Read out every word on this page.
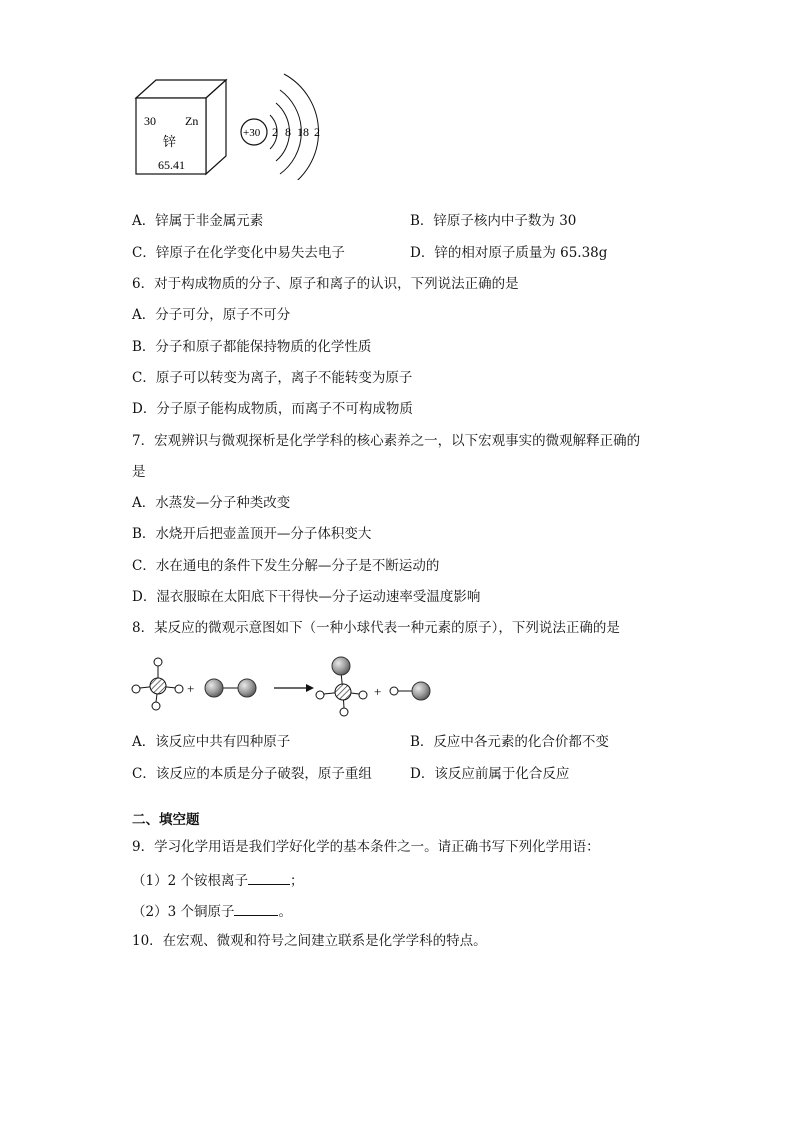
30 Zn
锌
65.41
+30 2 8 18 2
A．锌属于非金属元素	B．锌原子核内中子数为 30
C．锌原子在化学变化中易失去电子	D．锌的相对原子质量为 65.38g
6．对于构成物质的分子、原子和离子的认识，下列说法正确的是
A．分子可分，原子不可分
B．分子和原子都能保持物质的化学性质
C．原子可以转变为离子，离子不能转变为原子
D．分子原子能构成物质，而离子不可构成物质
7．宏观辨识与微观探析是化学学科的核心素养之一，以下宏观事实的微观解释正确的
是
A．水蒸发—分子种类改变
B．水烧开后把壶盖顶开—分子体积变大
C．水在通电的条件下发生分解—分子是不断运动的
D．湿衣服晾在太阳底下干得快—分子运动速率受温度影响
8．某反应的微观示意图如下（一种小球代表一种元素的原子），下列说法正确的是
+	+
A．该反应中共有四种原子	B．反应中各元素的化合价都不变
C．该反应的本质是分子破裂，原子重组	D．该反应前属于化合反应
二、填空题
9．学习化学用语是我们学好化学的基本条件之一。请正确书写下列化学用语：
（1）2 个铵根离子	；
（2）3 个铜原子	。
10．在宏观、微观和符号之间建立联系是化学学科的特点。
